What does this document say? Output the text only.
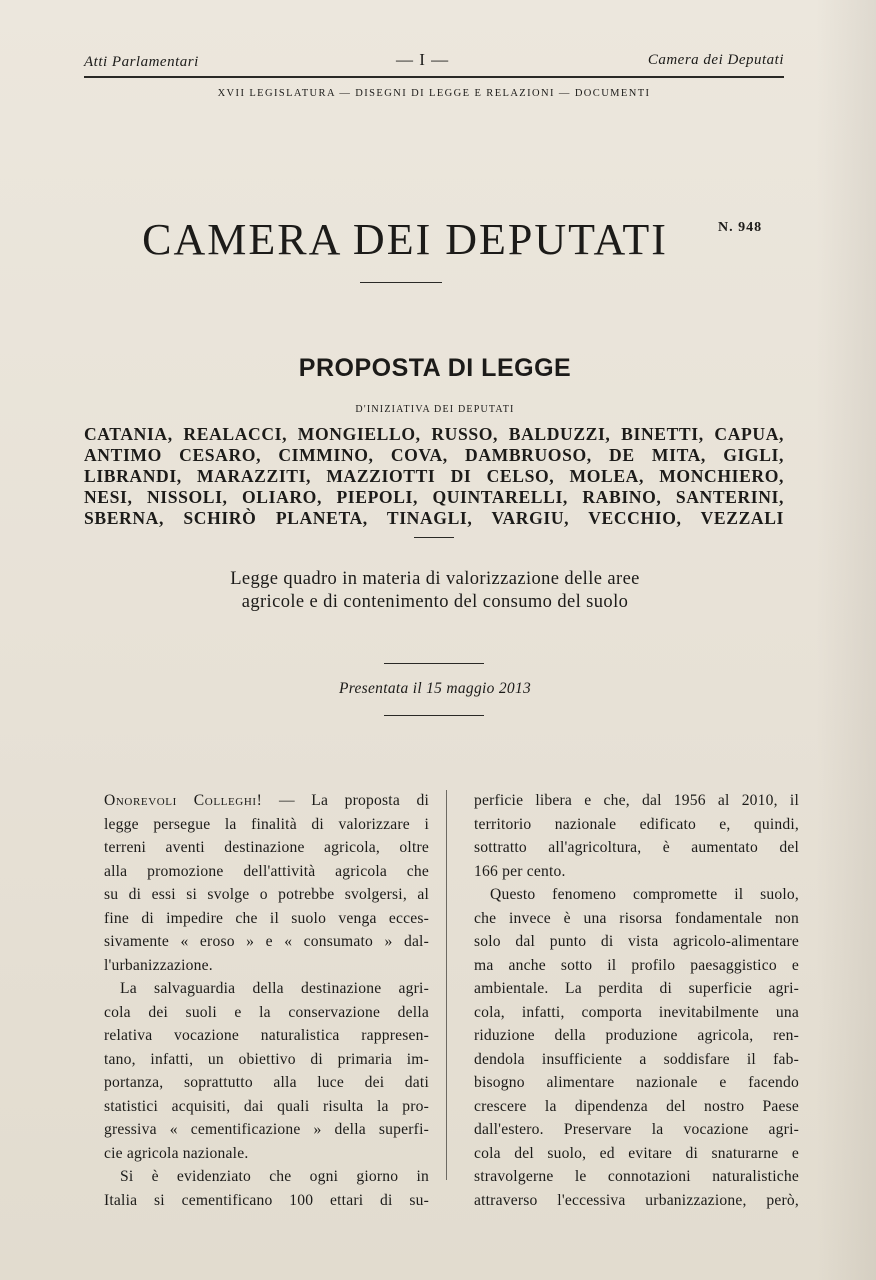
Atti Parlamentari	— I —	Camera dei Deputati
XVII LEGISLATURA — DISEGNI DI LEGGE E RELAZIONI — DOCUMENTI
CAMERA DEI DEPUTATI	N. 948
PROPOSTA DI LEGGE
D'INIZIATIVA DEI DEPUTATI
CATANIA, REALACCI, MONGIELLO, RUSSO, BALDUZZI, BINETTI, CAPUA,
ANTIMO CESARO, CIMMINO, COVA, DAMBRUOSO, DE MITA, GIGLI,
LIBRANDI, MARAZZITI, MAZZIOTTI DI CELSO, MOLEA, MONCHIERO,
NESI, NISSOLI, OLIARO, PIEPOLI, QUINTARELLI, RABINO, SANTERINI,
SBERNA, SCHIRÒ PLANETA, TINAGLI, VARGIU, VECCHIO, VEZZALI
Legge quadro in materia di valorizzazione delle aree
agricole e di contenimento del consumo del suolo
Presentata il 15 maggio 2013
Onorevoli Colleghi! — La proposta di
legge persegue la finalità di valorizzare i
terreni aventi destinazione agricola, oltre
alla promozione dell'attività agricola che
su di essi si svolge o potrebbe svolgersi, al
fine di impedire che il suolo venga ecces-
sivamente « eroso » e « consumato » dal-
l'urbanizzazione.
La salvaguardia della destinazione agri-
cola dei suoli e la conservazione della
relativa vocazione naturalistica rappresen-
tano, infatti, un obiettivo di primaria im-
portanza, soprattutto alla luce dei dati
statistici acquisiti, dai quali risulta la pro-
gressiva « cementificazione » della superfi-
cie agricola nazionale.
Si è evidenziato che ogni giorno in
Italia si cementificano 100 ettari di su-
perficie libera e che, dal 1956 al 2010, il
territorio nazionale edificato e, quindi,
sottratto all'agricoltura, è aumentato del
166 per cento.
Questo fenomeno compromette il suolo,
che invece è una risorsa fondamentale non
solo dal punto di vista agricolo-alimentare
ma anche sotto il profilo paesaggistico e
ambientale. La perdita di superficie agri-
cola, infatti, comporta inevitabilmente una
riduzione della produzione agricola, ren-
dendola insufficiente a soddisfare il fab-
bisogno alimentare nazionale e facendo
crescere la dipendenza del nostro Paese
dall'estero. Preservare la vocazione agri-
cola del suolo, ed evitare di snaturarne e
stravolgerne le connotazioni naturalistiche
attraverso l'eccessiva urbanizzazione, però,
